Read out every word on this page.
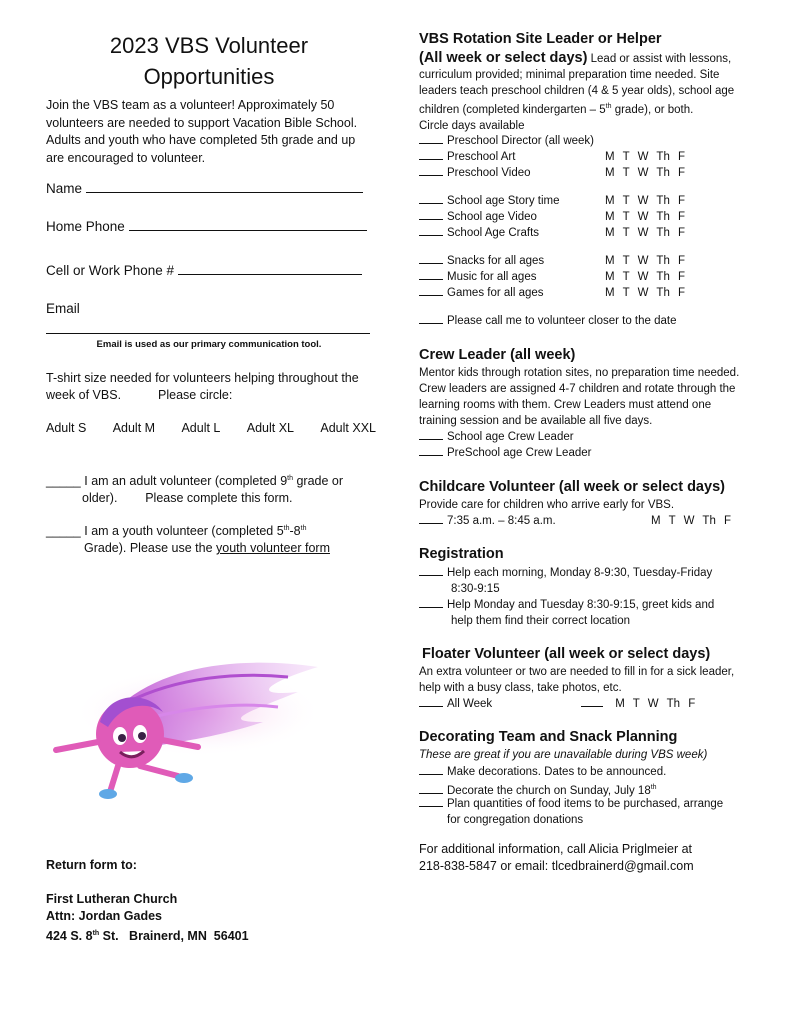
2023 VBS Volunteer
Opportunities
Join the VBS team as a volunteer! Approximately 50 volunteers are needed to support Vacation Bible School. Adults and youth who have completed 5th grade and up are encouraged to volunteer.
Name
Home Phone
Cell or Work Phone #
Email
Email is used as our primary communication tool.
T-shirt size needed for volunteers helping throughout the week of VBS.	Please circle:
Adult S Adult M Adult L Adult XL Adult XXL
_____ I am an adult volunteer (completed 9th grade or
older).        Please complete this form.
_____ I am a youth volunteer (completed 5th-8th
Grade). Please use the youth volunteer form
Return form to:
First Lutheran Church
Attn: Jordan Gades
424 S. 8th St.   Brainerd, MN  56401
VBS Rotation Site Leader or Helper
(All week or select days) Lead or assist with lessons, curriculum provided; minimal preparation time needed. Site leaders teach preschool children (4 & 5 year olds), school age children (completed kindergarten – 5th grade), or both.
Circle days available
Preschool Director (all week)
Preschool Art	M T W Th F
Preschool Video	M T W Th F
School age Story time	M T W Th F
School age Video	M T W Th F
School Age Crafts	M T W Th F
Snacks for all ages	M T W Th F
Music for all ages	M T W Th F
Games for all ages	M T W Th F
Please call me to volunteer closer to the date
Crew Leader (all week)
Mentor kids through rotation sites, no preparation time needed. Crew leaders are assigned 4-7 children and rotate through the learning rooms with them. Crew Leaders must attend one training session and be available all five days.
School age Crew Leader
PreSchool age Crew Leader
Childcare Volunteer (all week or select days)
Provide care for children who arrive early for VBS.
7:35 a.m. – 8:45 a.m.	M T W Th F
Registration
Help each morning, Monday 8-9:30, Tuesday-Friday
8:30-9:15
Help Monday and Tuesday 8:30-9:15, greet kids and
help them find their correct location
Floater Volunteer (all week or select days)
An extra volunteer or two are needed to fill in for a sick leader, help with a busy class, take photos, etc.
All Week	M T W Th F
Decorating Team and Snack Planning
These are great if you are unavailable during VBS week)
Make decorations. Dates to be announced.
Decorate the church on Sunday, July 18th
Plan quantities of food items to be purchased, arrange
for congregation donations
For additional information, call Alicia Priglmeier at
218-838-5847 or email: tlcedbrainerd@gmail.com
